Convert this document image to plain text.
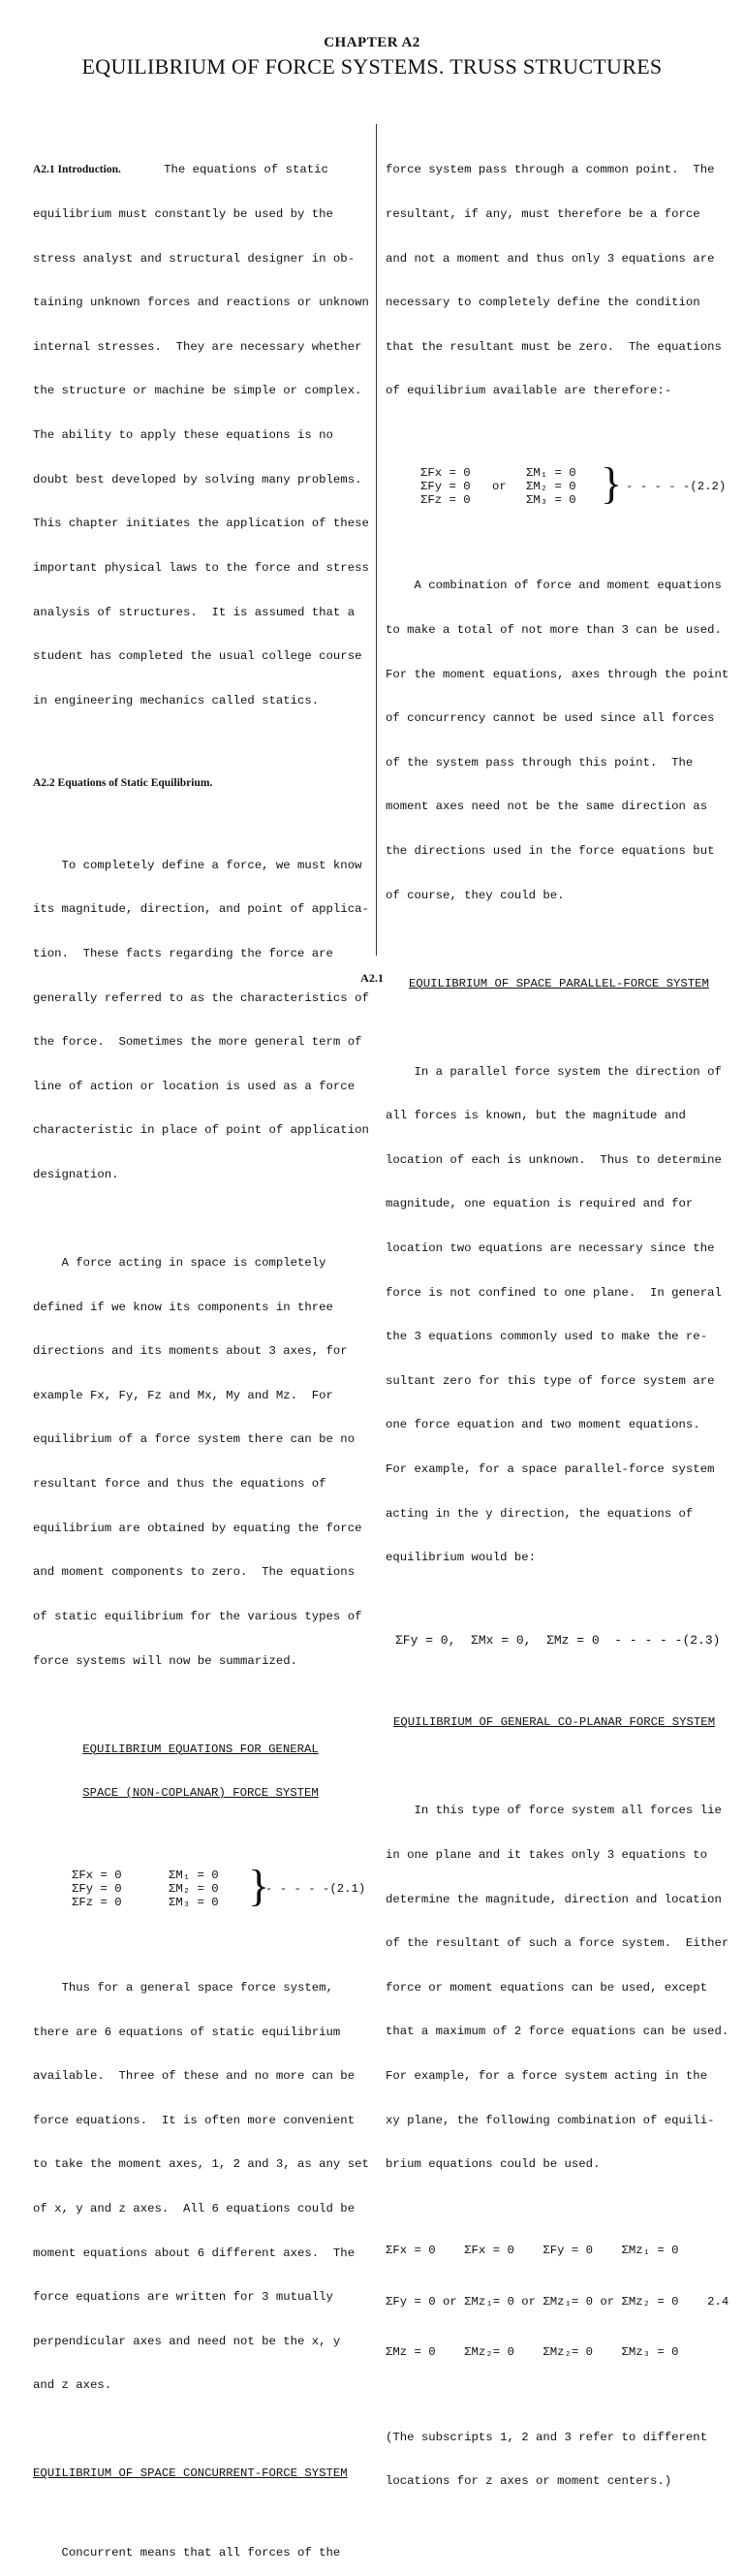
CHAPTER A2
EQUILIBRIUM OF FORCE SYSTEMS. TRUSS STRUCTURES

A2.1 Introduction.      The equations of static

equilibrium must constantly be used by the

stress analyst and structural designer in ob-

taining unknown forces and reactions or unknown

internal stresses.  They are necessary whether

the structure or machine be simple or complex.

The ability to apply these equations is no

doubt best developed by solving many problems.

This chapter initiates the application of these

important physical laws to the force and stress

analysis of structures.  It is assumed that a

student has completed the usual college course

in engineering mechanics called statics.

A2.2 Equations of Static Equilibrium.

To completely define a force, we must know

its magnitude, direction, and point of applica-

tion.  These facts regarding the force are

generally referred to as the characteristics of

the force.  Sometimes the more general term of

line of action or location is used as a force

characteristic in place of point of application

designation.

A force acting in space is completely

defined if we know its components in three

directions and its moments about 3 axes, for

example Fx, Fy, Fz and Mx, My and Mz.  For

equilibrium of a force system there can be no

resultant force and thus the equations of

equilibrium are obtained by equating the force

and moment components to zero.  The equations

of static equilibrium for the various types of

force systems will now be summarized.

EQUILIBRIUM EQUATIONS FOR GENERAL

SPACE (NON-COPLANAR) FORCE SYSTEM

ΣFx = 0

ΣFy = 0

ΣFz = 0

ΣM₁ = 0

ΣM₂ = 0

ΣM₃ = 0

}

- - - - -(2.1)

Thus for a general space force system,

there are 6 equations of static equilibrium

available.  Three of these and no more can be

force equations.  It is often more convenient

to take the moment axes, 1, 2 and 3, as any set

of x, y and z axes.  All 6 equations could be

moment equations about 6 different axes.  The

force equations are written for 3 mutually

perpendicular axes and need not be the x, y

and z axes.

EQUILIBRIUM OF SPACE CONCURRENT-FORCE SYSTEM

Concurrent means that all forces of the

force system pass through a common point.  The

resultant, if any, must therefore be a force

and not a moment and thus only 3 equations are

necessary to completely define the condition

that the resultant must be zero.  The equations

of equilibrium available are therefore:-

ΣFx = 0

ΣFy = 0

ΣFz = 0

or

ΣM₁ = 0

ΣM₂ = 0

ΣM₃ = 0

}

- - - - -(2.2)

A combination of force and moment equations

to make a total of not more than 3 can be used.

For the moment equations, axes through the point

of concurrency cannot be used since all forces

of the system pass through this point.  The

moment axes need not be the same direction as

the directions used in the force equations but

of course, they could be.

EQUILIBRIUM OF SPACE PARALLEL-FORCE SYSTEM

In a parallel force system the direction of

all forces is known, but the magnitude and

location of each is unknown.  Thus to determine

magnitude, one equation is required and for

location two equations are necessary since the

force is not confined to one plane.  In general

the 3 equations commonly used to make the re-

sultant zero for this type of force system are

one force equation and two moment equations.

For example, for a space parallel-force system

acting in the y direction, the equations of

equilibrium would be:

ΣFy = 0,  ΣMx = 0,  ΣMz = 0  - - - - -(2.3)

EQUILIBRIUM OF GENERAL CO-PLANAR FORCE SYSTEM

In this type of force system all forces lie

in one plane and it takes only 3 equations to

determine the magnitude, direction and location

of the resultant of such a force system.  Either

force or moment equations can be used, except

that a maximum of 2 force equations can be used.

For example, for a force system acting in the

xy plane, the following combination of equili-

brium equations could be used.

ΣFx = 0    ΣFx = 0    ΣFy = 0    ΣMz₁ = 0

ΣFy = 0 or ΣMz₁= 0 or ΣMz₁= 0 or ΣMz₂ = 0    2.4

ΣMz = 0    ΣMz₂= 0    ΣMz₂= 0    ΣMz₃ = 0

(The subscripts 1, 2 and 3 refer to different

locations for z axes or moment centers.)

A2.1
